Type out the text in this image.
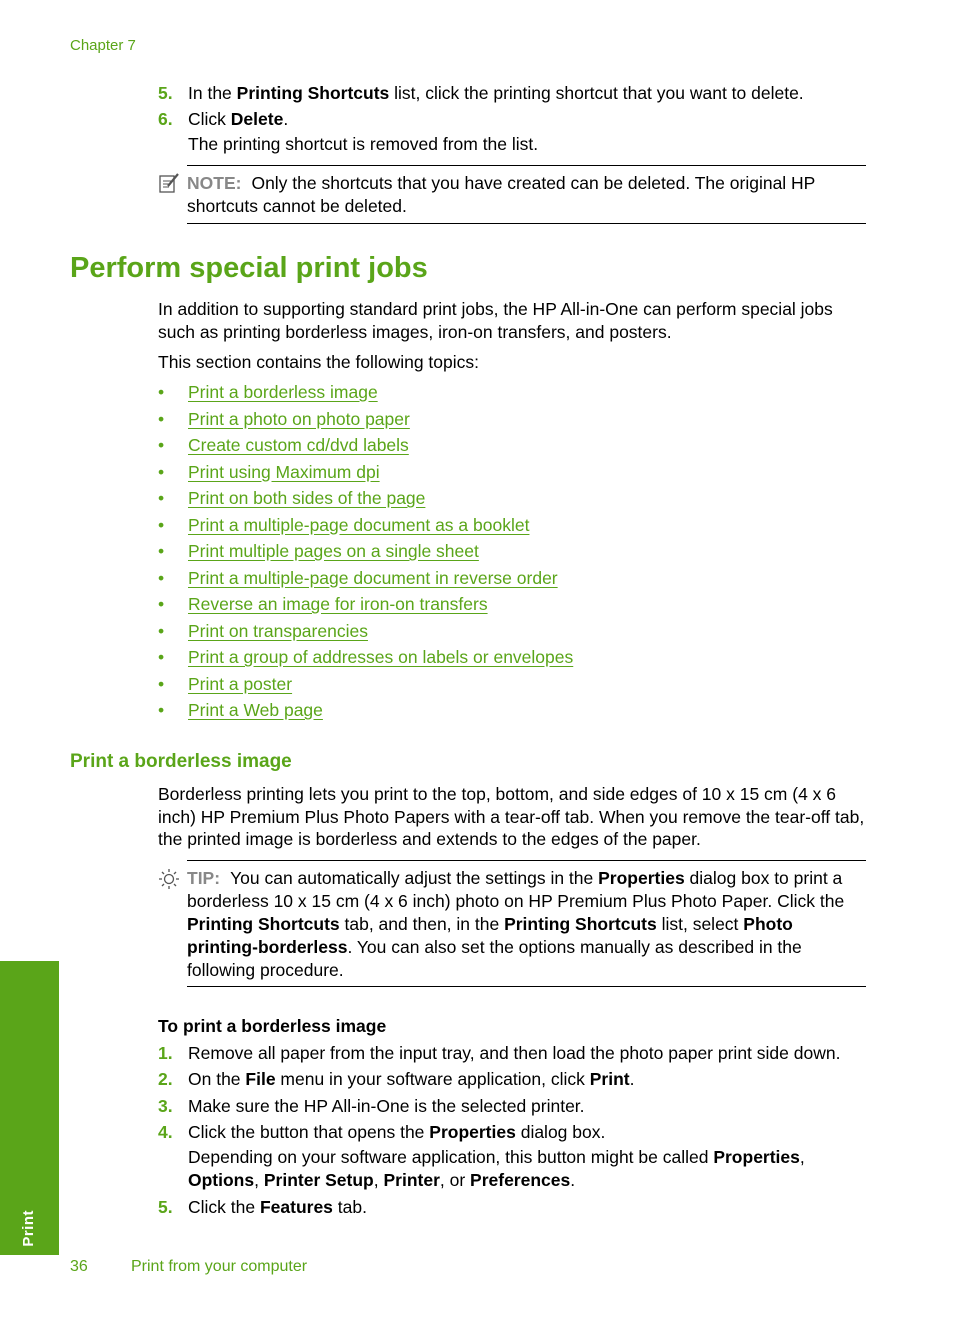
Chapter 7
5. In the Printing Shortcuts list, click the printing shortcut that you want to delete.
6. Click Delete.
The printing shortcut is removed from the list.
NOTE: Only the shortcuts that you have created can be deleted. The original HP shortcuts cannot be deleted.
Perform special print jobs
In addition to supporting standard print jobs, the HP All-in-One can perform special jobs such as printing borderless images, iron-on transfers, and posters.
This section contains the following topics:
• Print a borderless image
• Print a photo on photo paper
• Create custom cd/dvd labels
• Print using Maximum dpi
• Print on both sides of the page
• Print a multiple-page document as a booklet
• Print multiple pages on a single sheet
• Print a multiple-page document in reverse order
• Reverse an image for iron-on transfers
• Print on transparencies
• Print a group of addresses on labels or envelopes
• Print a poster
• Print a Web page
Print a borderless image
Borderless printing lets you print to the top, bottom, and side edges of 10 x 15 cm (4 x 6 inch) HP Premium Plus Photo Papers with a tear-off tab. When you remove the tear-off tab, the printed image is borderless and extends to the edges of the paper.
TIP: You can automatically adjust the settings in the Properties dialog box to print a borderless 10 x 15 cm (4 x 6 inch) photo on HP Premium Plus Photo Paper. Click the Printing Shortcuts tab, and then, in the Printing Shortcuts list, select Photo printing-borderless. You can also set the options manually as described in the following procedure.
To print a borderless image
1. Remove all paper from the input tray, and then load the photo paper print side down.
2. On the File menu in your software application, click Print.
3. Make sure the HP All-in-One is the selected printer.
4. Click the button that opens the Properties dialog box.
Depending on your software application, this button might be called Properties, Options, Printer Setup, Printer, or Preferences.
5. Click the Features tab.
Print
36	Print from your computer
